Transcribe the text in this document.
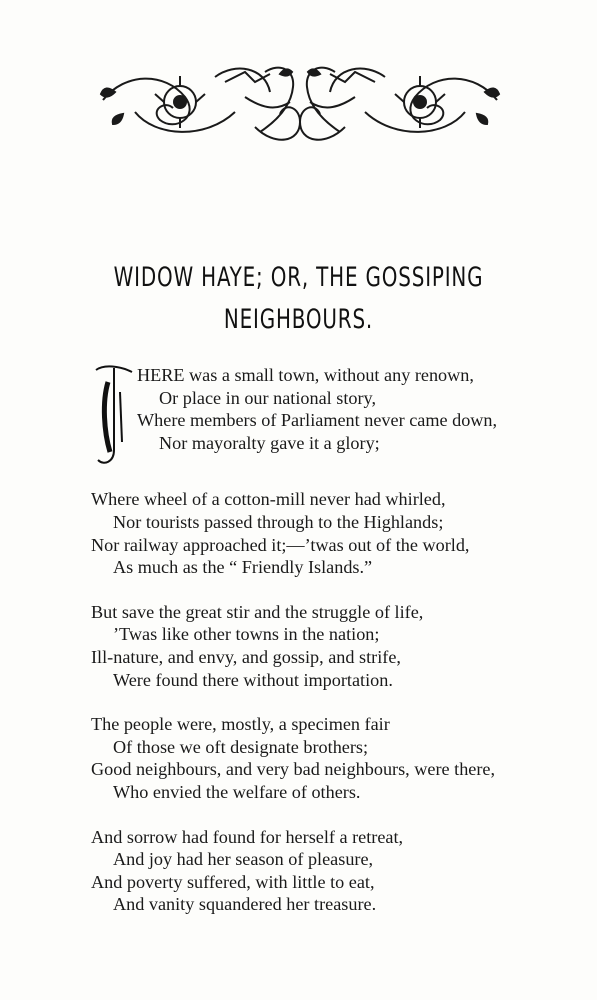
WIDOW HAYE; OR, THE GOSSIPING
NEIGHBOURS.
HERE was a small town, without any renown,
Or place in our national story,
Where members of Parliament never came down,
Nor mayoralty gave it a glory;
Where wheel of a cotton-mill never had whirled,
Nor tourists passed through to the Highlands;
Nor railway approached it;—’twas out of the world,
As much as the “ Friendly Islands.”
But save the great stir and the struggle of life,
’Twas like other towns in the nation;
Ill-nature, and envy, and gossip, and strife,
Were found there without importation.
The people were, mostly, a specimen fair
Of those we oft designate brothers;
Good neighbours, and very bad neighbours, were there,
Who envied the welfare of others.
And sorrow had found for herself a retreat,
And joy had her season of pleasure,
And poverty suffered, with little to eat,
And vanity squandered her treasure.
